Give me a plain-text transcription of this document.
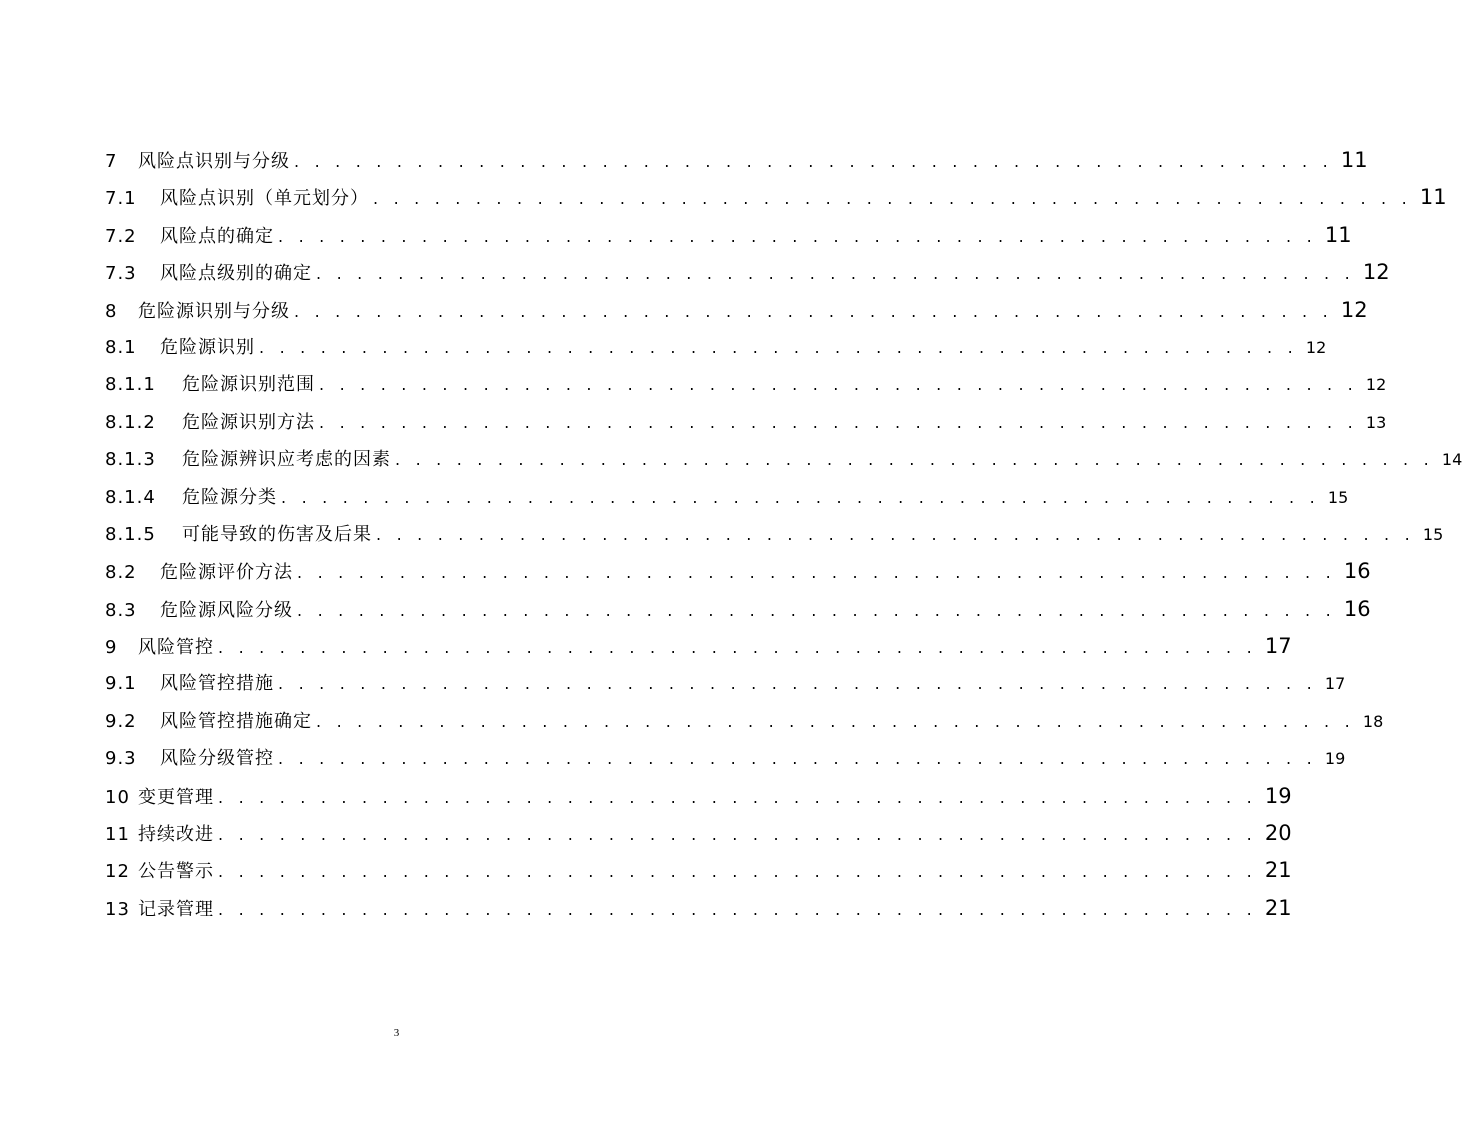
7	风险点识别与分级 . . . . . . . . . . . . . . . . . . . . . . . . . . . . . . . . . . . . . . . . . . . . . . . . . . . 11
7.1	风险点识别（单元划分） . . . . . . . . . . . . . . . . . . . . . . . . . . . . . . . . . . . . . . . . . . . . . . . . . . . 11
7.2	风险点的确定 . . . . . . . . . . . . . . . . . . . . . . . . . . . . . . . . . . . . . . . . . . . . . . . . . . . 11
7.3	风险点级别的确定 . . . . . . . . . . . . . . . . . . . . . . . . . . . . . . . . . . . . . . . . . . . . . . . . . . . 12
8	危险源识别与分级 . . . . . . . . . . . . . . . . . . . . . . . . . . . . . . . . . . . . . . . . . . . . . . . . . . . 12
8.1	危险源识别 . . . . . . . . . . . . . . . . . . . . . . . . . . . . . . . . . . . . . . . . . . . . . . . . . . . 12
8.1.1	危险源识别范围 . . . . . . . . . . . . . . . . . . . . . . . . . . . . . . . . . . . . . . . . . . . . . . . . . . . 12
8.1.2	危险源识别方法 . . . . . . . . . . . . . . . . . . . . . . . . . . . . . . . . . . . . . . . . . . . . . . . . . . . 13
8.1.3	危险源辨识应考虑的因素 . . . . . . . . . . . . . . . . . . . . . . . . . . . . . . . . . . . . . . . . . . . . . . . . . . . 14
8.1.4	危险源分类 . . . . . . . . . . . . . . . . . . . . . . . . . . . . . . . . . . . . . . . . . . . . . . . . . . . 15
8.1.5	可能导致的伤害及后果 . . . . . . . . . . . . . . . . . . . . . . . . . . . . . . . . . . . . . . . . . . . . . . . . . . . 15
8.2	危险源评价方法 . . . . . . . . . . . . . . . . . . . . . . . . . . . . . . . . . . . . . . . . . . . . . . . . . . . 16
8.3	危险源风险分级 . . . . . . . . . . . . . . . . . . . . . . . . . . . . . . . . . . . . . . . . . . . . . . . . . . . 16
9	风险管控 . . . . . . . . . . . . . . . . . . . . . . . . . . . . . . . . . . . . . . . . . . . . . . . . . . . 17
9.1	风险管控措施 . . . . . . . . . . . . . . . . . . . . . . . . . . . . . . . . . . . . . . . . . . . . . . . . . . . 17
9.2	风险管控措施确定 . . . . . . . . . . . . . . . . . . . . . . . . . . . . . . . . . . . . . . . . . . . . . . . . . . . 18
9.3	风险分级管控 . . . . . . . . . . . . . . . . . . . . . . . . . . . . . . . . . . . . . . . . . . . . . . . . . . . 19
10 变更管理 . . . . . . . . . . . . . . . . . . . . . . . . . . . . . . . . . . . . . . . . . . . . . . . . . . . 19
11 持续改进 . . . . . . . . . . . . . . . . . . . . . . . . . . . . . . . . . . . . . . . . . . . . . . . . . . . 20
12 公告警示 . . . . . . . . . . . . . . . . . . . . . . . . . . . . . . . . . . . . . . . . . . . . . . . . . . . 21
13 记录管理 . . . . . . . . . . . . . . . . . . . . . . . . . . . . . . . . . . . . . . . . . . . . . . . . . . . 21
3
